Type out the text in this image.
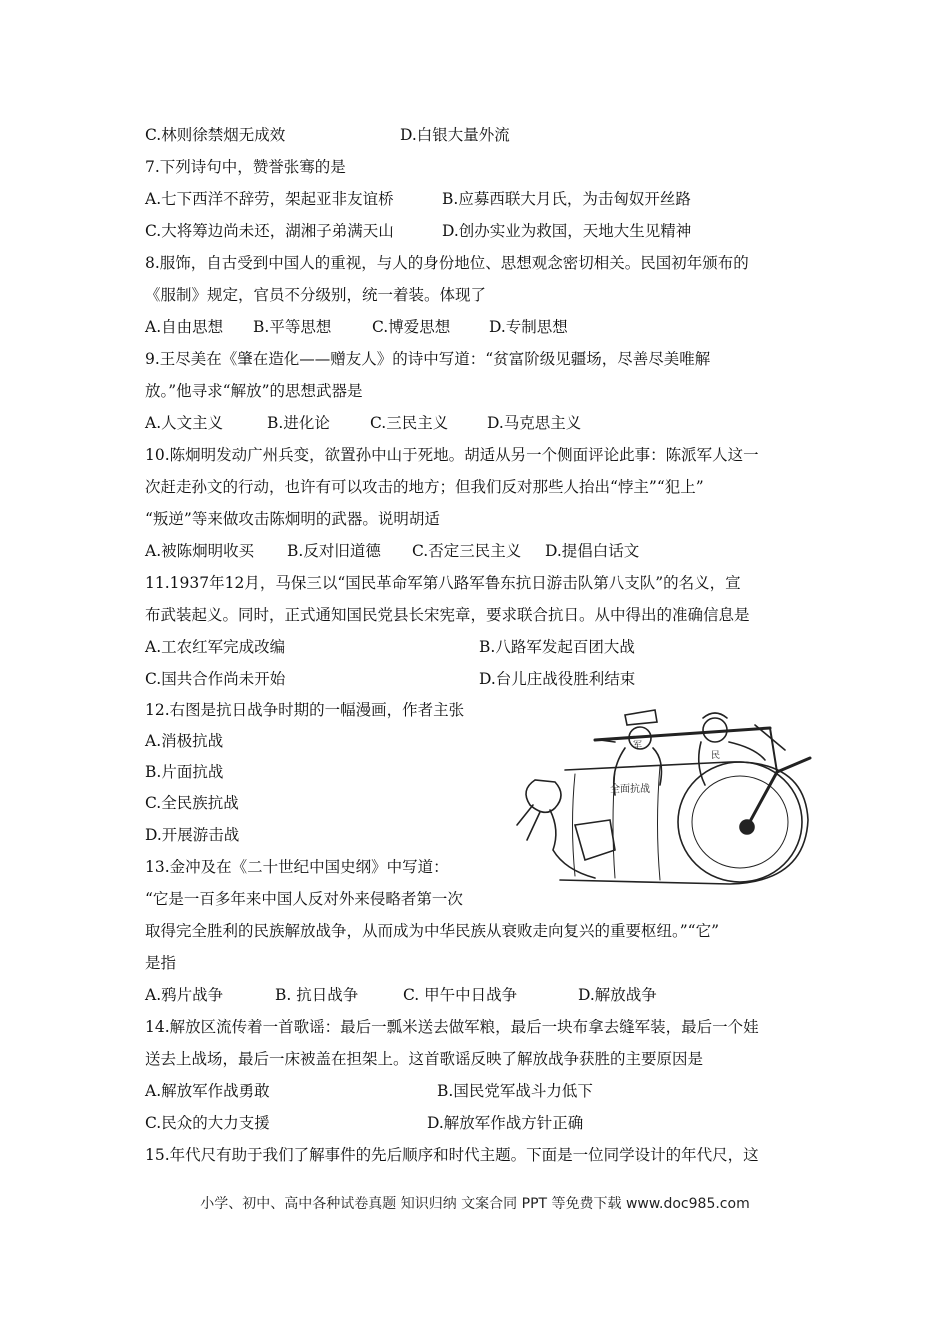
C.林则徐禁烟无成效	D.白银大量外流
7.下列诗句中，赞誉张骞的是
A.七下西洋不辞劳，架起亚非友谊桥	B.应募西联大月氏，为击匈奴开丝路
C.大将筹边尚未还，湖湘子弟满天山	D.创办实业为救国，天地大生见精神
8.服饰，自古受到中国人的重视，与人的身份地位、思想观念密切相关。民国初年颁布的
《服制》规定，官员不分级别，统一着装。体现了
A.自由思想 B.平等思想	C.博爱思想	D.专制思想
9.王尽美在《肇在造化——赠友人》的诗中写道：“贫富阶级见疆场，尽善尽美唯解
放。”他寻求“解放”的思想武器是
A.人文主义	B.进化论	C.三民主义	D.马克思主义
10.陈炯明发动广州兵变，欲置孙中山于死地。胡适从另一个侧面评论此事：陈派军人这一
次赶走孙文的行动，也许有可以攻击的地方；但我们反对那些人抬出“悖主”“犯上”
“叛逆”等来做攻击陈炯明的武器。说明胡适
A.被陈炯明收买 B.反对旧道德 C.否定三民主义 D.提倡白话文
11.1937年12月，马保三以“国民革命军第八路军鲁东抗日游击队第八支队”的名义，宣
布武装起义。同时，正式通知国民党县长宋宪章，要求联合抗日。从中得出的准确信息是
A.工农红军完成改编	B.八路军发起百团大战
C.国共合作尚未开始	D.台儿庄战役胜利结束
12.右图是抗日战争时期的一幅漫画，作者主张
A.消极抗战
B.片面抗战
C.全民族抗战
D.开展游击战
全面抗战
军
民
13.金冲及在《二十世纪中国史纲》中写道：
“它是一百多年来中国人反对外来侵略者第一次
取得完全胜利的民族解放战争，从而成为中华民族从衰败走向复兴的重要枢纽。”“它”
是指
A.鸦片战争	B. 抗日战争	C. 甲午中日战争	D.解放战争
14.解放区流传着一首歌谣：最后一瓢米送去做军粮，最后一块布拿去缝军装，最后一个娃
送去上战场，最后一床被盖在担架上。这首歌谣反映了解放战争获胜的主要原因是
A.解放军作战勇敢	B.国民党军战斗力低下
C.民众的大力支援	D.解放军作战方针正确
15.年代尺有助于我们了解事件的先后顺序和时代主题。下面是一位同学设计的年代尺，这
小学、初中、高中各种试卷真题 知识归纳 文案合同 PPT 等免费下载 www.doc985.com
